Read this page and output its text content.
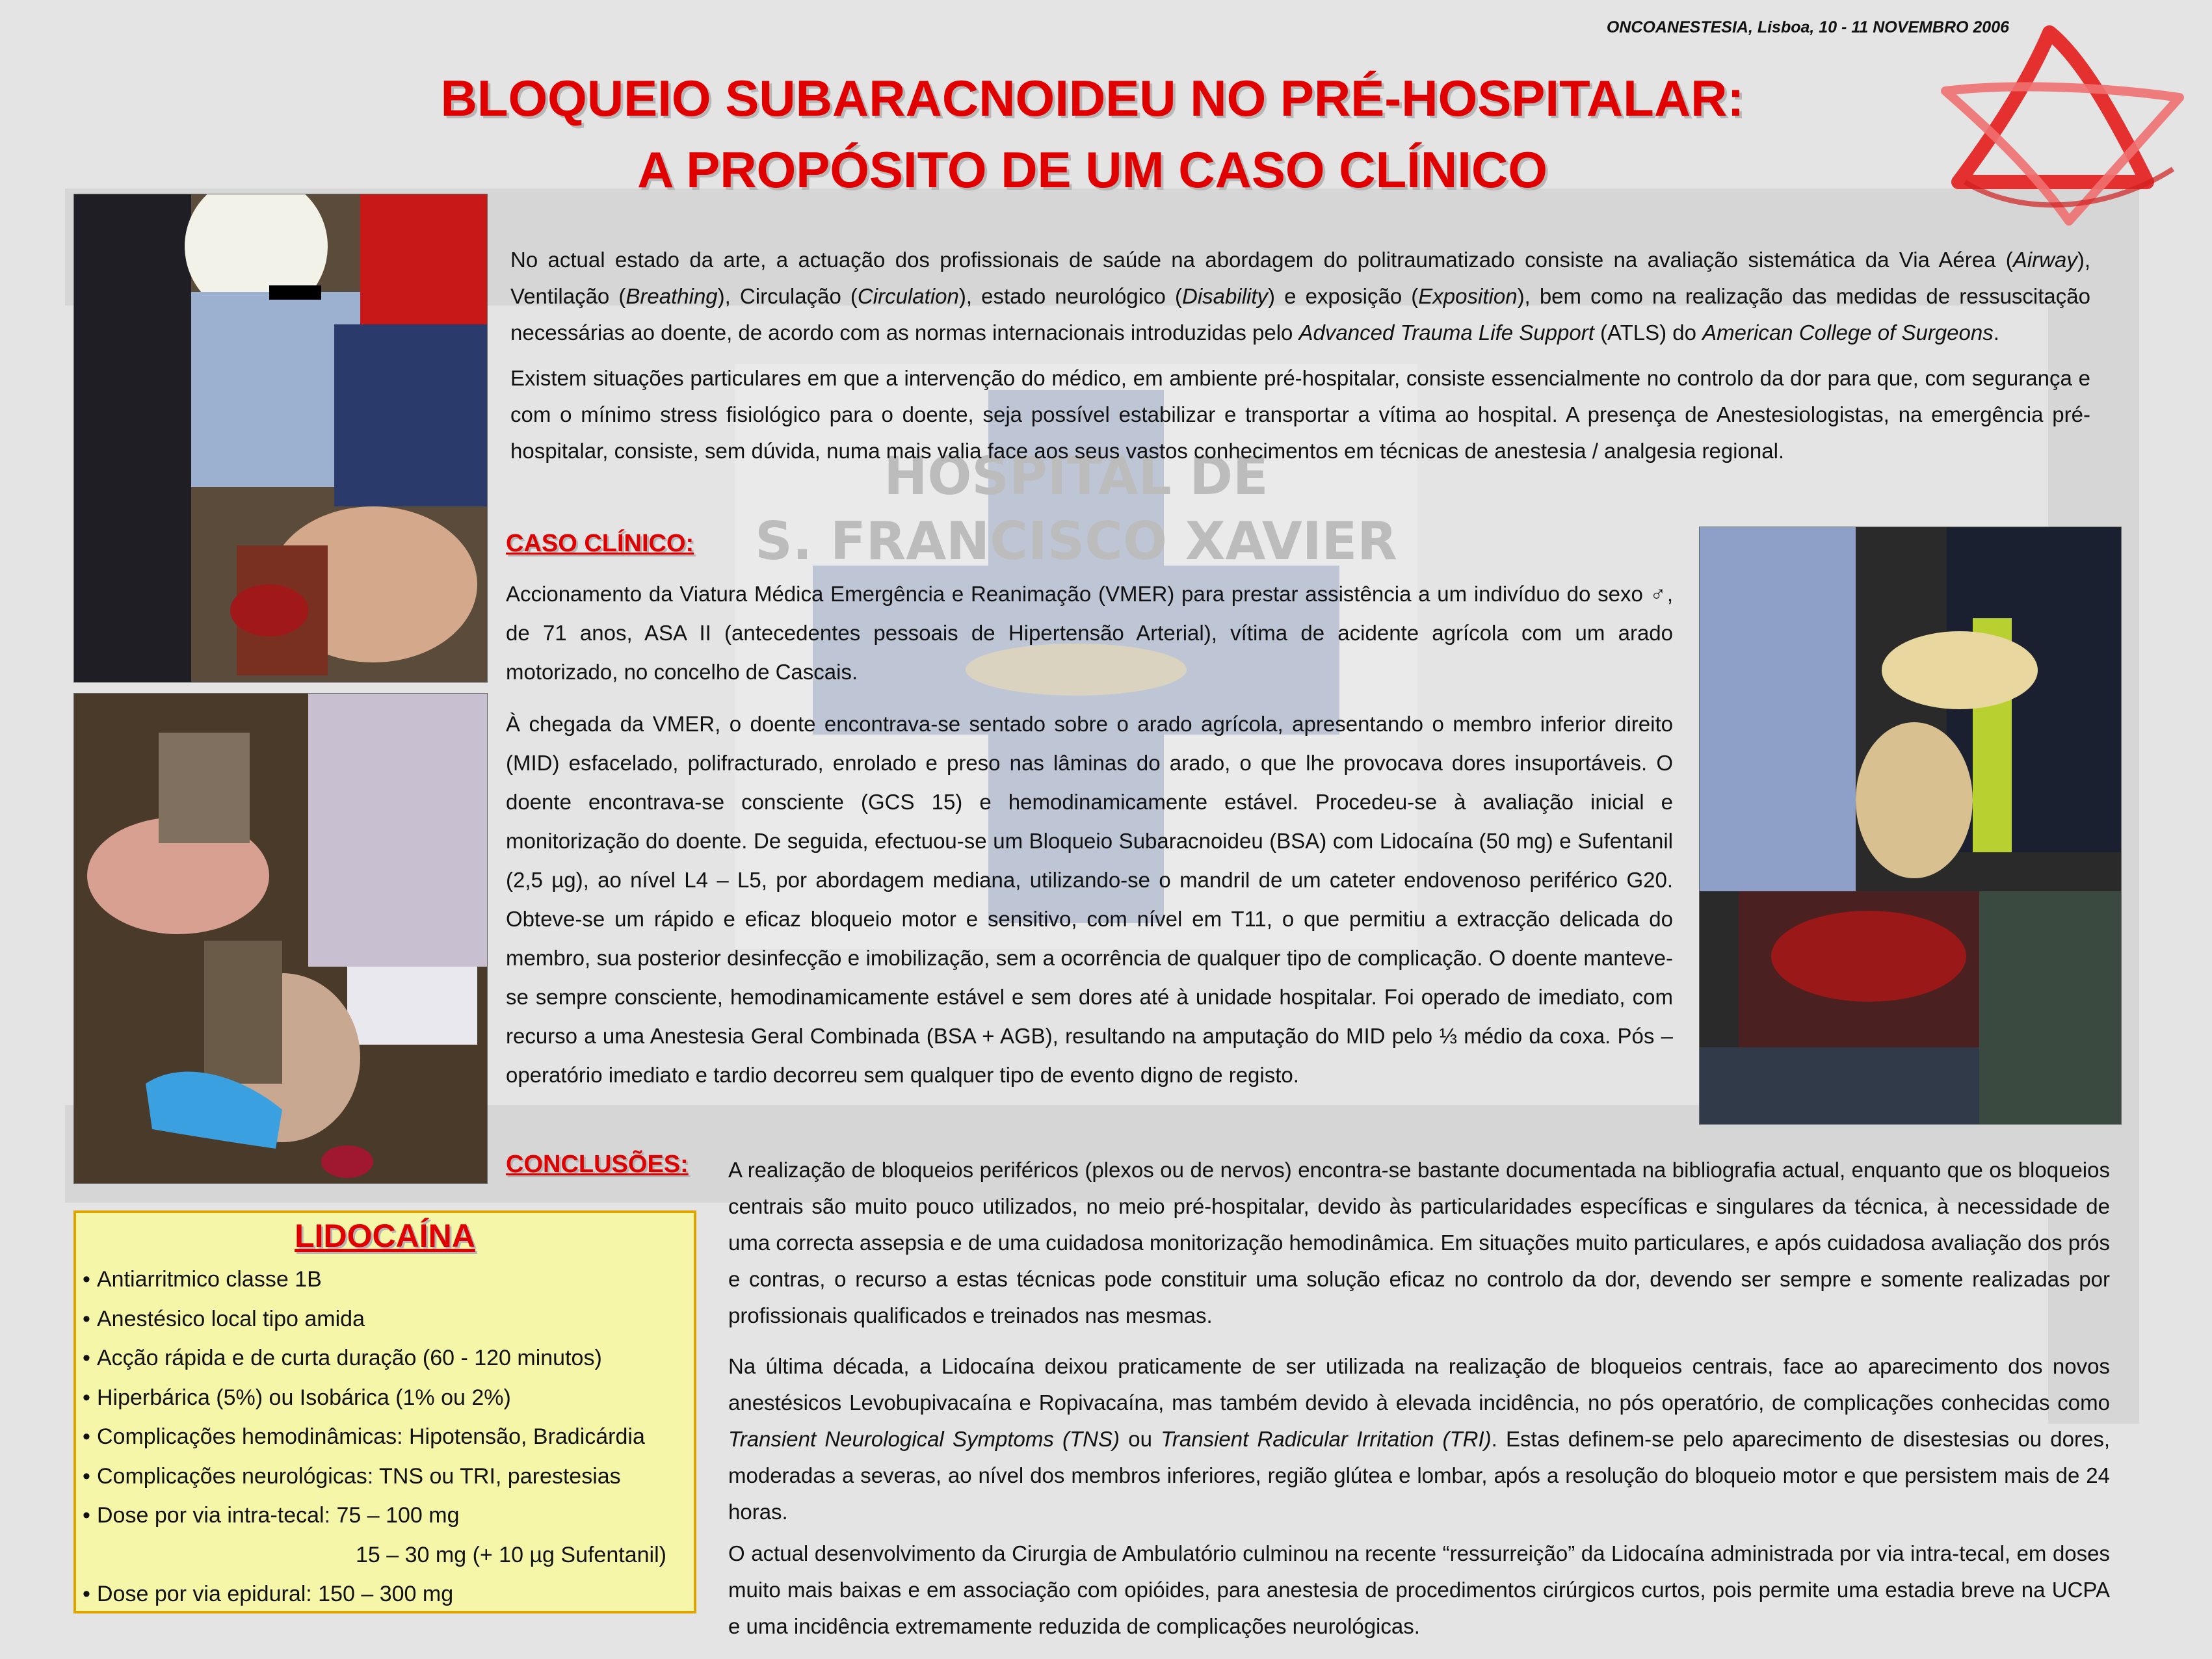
HOSPITAL DE
S. FRANCISCO XAVIER
ONCOANESTESIA, Lisboa, 10 - 11 NOVEMBRO 2006
BLOQUEIO SUBARACNOIDEU NO PRÉ-HOSPITALAR:
A PROPÓSITO DE UM CASO CLÍNICO

No actual estado da arte, a actuação dos profissionais de saúde na abordagem do politraumatizado consiste na avaliação sistemática da Via Aérea (Airway), Ventilação (Breathing), Circulação (Circulation), estado neurológico (Disability) e exposição (Exposition), bem como na realização das medidas de ressuscitação necessárias ao doente, de acordo com as normas internacionais introduzidas pelo Advanced Trauma Life Support (ATLS) do American College of Surgeons.

Existem situações particulares em que a intervenção do médico, em ambiente pré-hospitalar, consiste essencialmente no controlo da dor para que, com segurança e com o mínimo stress fisiológico para o doente, seja possível estabilizar e transportar a vítima ao hospital. A presença de Anestesiologistas, na emergência pré-hospitalar, consiste, sem dúvida, numa mais valia face aos seus vastos conhecimentos em técnicas de anestesia / analgesia regional.

CASO CLÍNICO:

Accionamento da Viatura Médica Emergência e Reanimação (VMER) para prestar assistência a um indivíduo do sexo ♂, de 71 anos, ASA II (antecedentes pessoais de Hipertensão Arterial), vítima de acidente agrícola com um arado motorizado, no concelho de Cascais.

À chegada da VMER, o doente encontrava-se sentado sobre o arado agrícola, apresentando o membro inferior direito (MID) esfacelado, polifracturado, enrolado e preso nas lâminas do arado, o que lhe provocava dores insuportáveis. O doente encontrava-se consciente (GCS 15) e hemodinamicamente estável. Procedeu-se à avaliação inicial e monitorização do doente. De seguida, efectuou-se um Bloqueio Subaracnoideu (BSA) com Lidocaína (50 mg) e Sufentanil (2,5 µg), ao nível L4 – L5, por abordagem mediana, utilizando-se o mandril de um cateter endovenoso periférico G20. Obteve-se um rápido e eficaz bloqueio motor e sensitivo, com nível em T11, o que permitiu a extracção delicada do membro, sua posterior desinfecção e imobilização, sem a ocorrência de qualquer tipo de complicação. O doente manteve-se sempre consciente, hemodinamicamente estável e sem dores até à unidade hospitalar. Foi operado de imediato, com recurso a uma Anestesia Geral Combinada (BSA + AGB), resultando na amputação do MID pelo ⅓ médio da coxa. Pós – operatório imediato e tardio decorreu sem qualquer tipo de evento digno de registo.

CONCLUSÕES: A realização de bloqueios periféricos (plexos ou de nervos) encontra-se bastante documentada na bibliografia actual, enquanto que os bloqueios centrais são muito pouco utilizados, no meio pré-hospitalar, devido às particularidades específicas e singulares da técnica, à necessidade de uma correcta assepsia e de uma cuidadosa monitorização hemodinâmica. Em situações muito particulares, e após cuidadosa avaliação dos prós e contras, o recurso a estas técnicas pode constituir uma solução eficaz no controlo da dor, devendo ser sempre e somente realizadas por profissionais qualificados e treinados nas mesmas.

Na última década, a Lidocaína deixou praticamente de ser utilizada na realização de bloqueios centrais, face ao aparecimento dos novos anestésicos Levobupivacaína e Ropivacaína, mas também devido à elevada incidência, no pós operatório, de complicações conhecidas como Transient Neurological Symptoms (TNS) ou Transient Radicular Irritation (TRI). Estas definem-se pelo aparecimento de disestesias ou dores, moderadas a severas, ao nível dos membros inferiores, região glútea e lombar, após a resolução do bloqueio motor e que persistem mais de 24 horas.

O actual desenvolvimento da Cirurgia de Ambulatório culminou na recente “ressurreição” da Lidocaína administrada por via intra-tecal, em doses muito mais baixas e em associação com opióides, para anestesia de procedimentos cirúrgicos curtos, pois permite uma estadia breve na UCPA e uma incidência extremamente reduzida de complicações neurológicas.

LIDOCAÍNA
• Antiarritmico classe 1B
• Anestésico local tipo amida
• Acção rápida e de curta duração (60 - 120 minutos)
• Hiperbárica (5%) ou Isobárica (1% ou 2%)
• Complicações hemodinâmicas: Hipotensão, Bradicárdia
• Complicações neurológicas: TNS ou TRI, parestesias
• Dose por via intra-tecal: 75 – 100 mg
15 – 30 mg (+ 10 µg Sufentanil)
• Dose por via epidural: 150 – 300 mg
